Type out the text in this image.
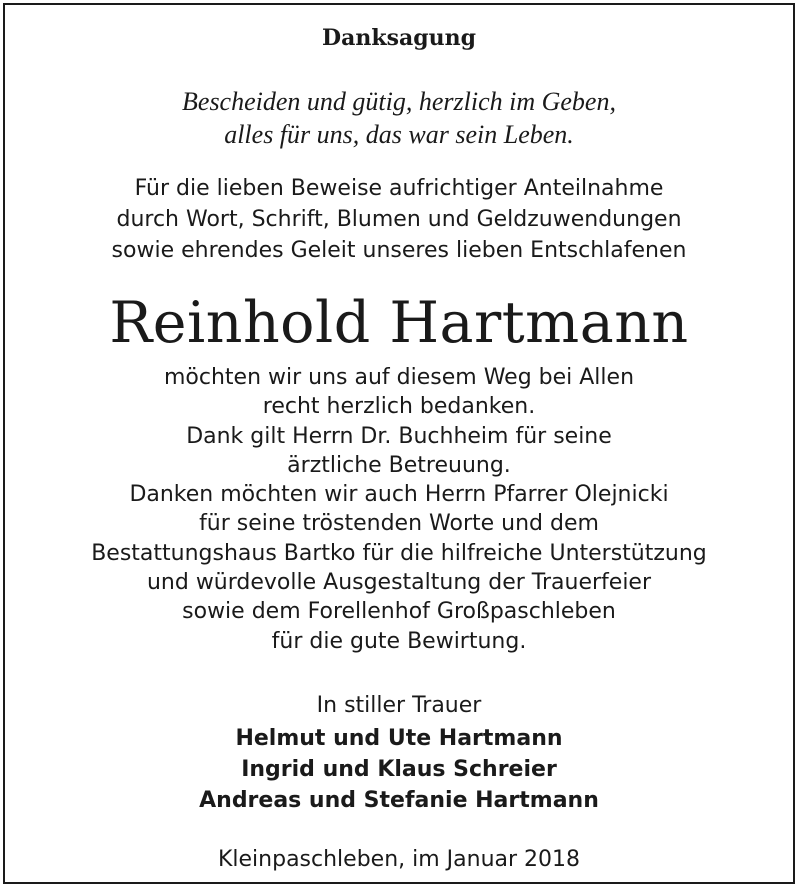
Danksagung
Bescheiden und gütig, herzlich im Geben,
alles für uns, das war sein Leben.
Für die lieben Beweise aufrichtiger Anteilnahme
durch Wort, Schrift, Blumen und Geldzuwendungen
sowie ehrendes Geleit unseres lieben Entschlafenen
Reinhold Hartmann
möchten wir uns auf diesem Weg bei Allen
recht herzlich bedanken.
Dank gilt Herrn Dr. Buchheim für seine
ärztliche Betreuung.
Danken möchten wir auch Herrn Pfarrer Olejnicki
für seine tröstenden Worte und dem
Bestattungshaus Bartko für die hilfreiche Unterstützung
und würdevolle Ausgestaltung der Trauerfeier
sowie dem Forellenhof Großpaschleben
für die gute Bewirtung.
In stiller Trauer
Helmut und Ute Hartmann
Ingrid und Klaus Schreier
Andreas und Stefanie Hartmann
Kleinpaschleben, im Januar 2018
